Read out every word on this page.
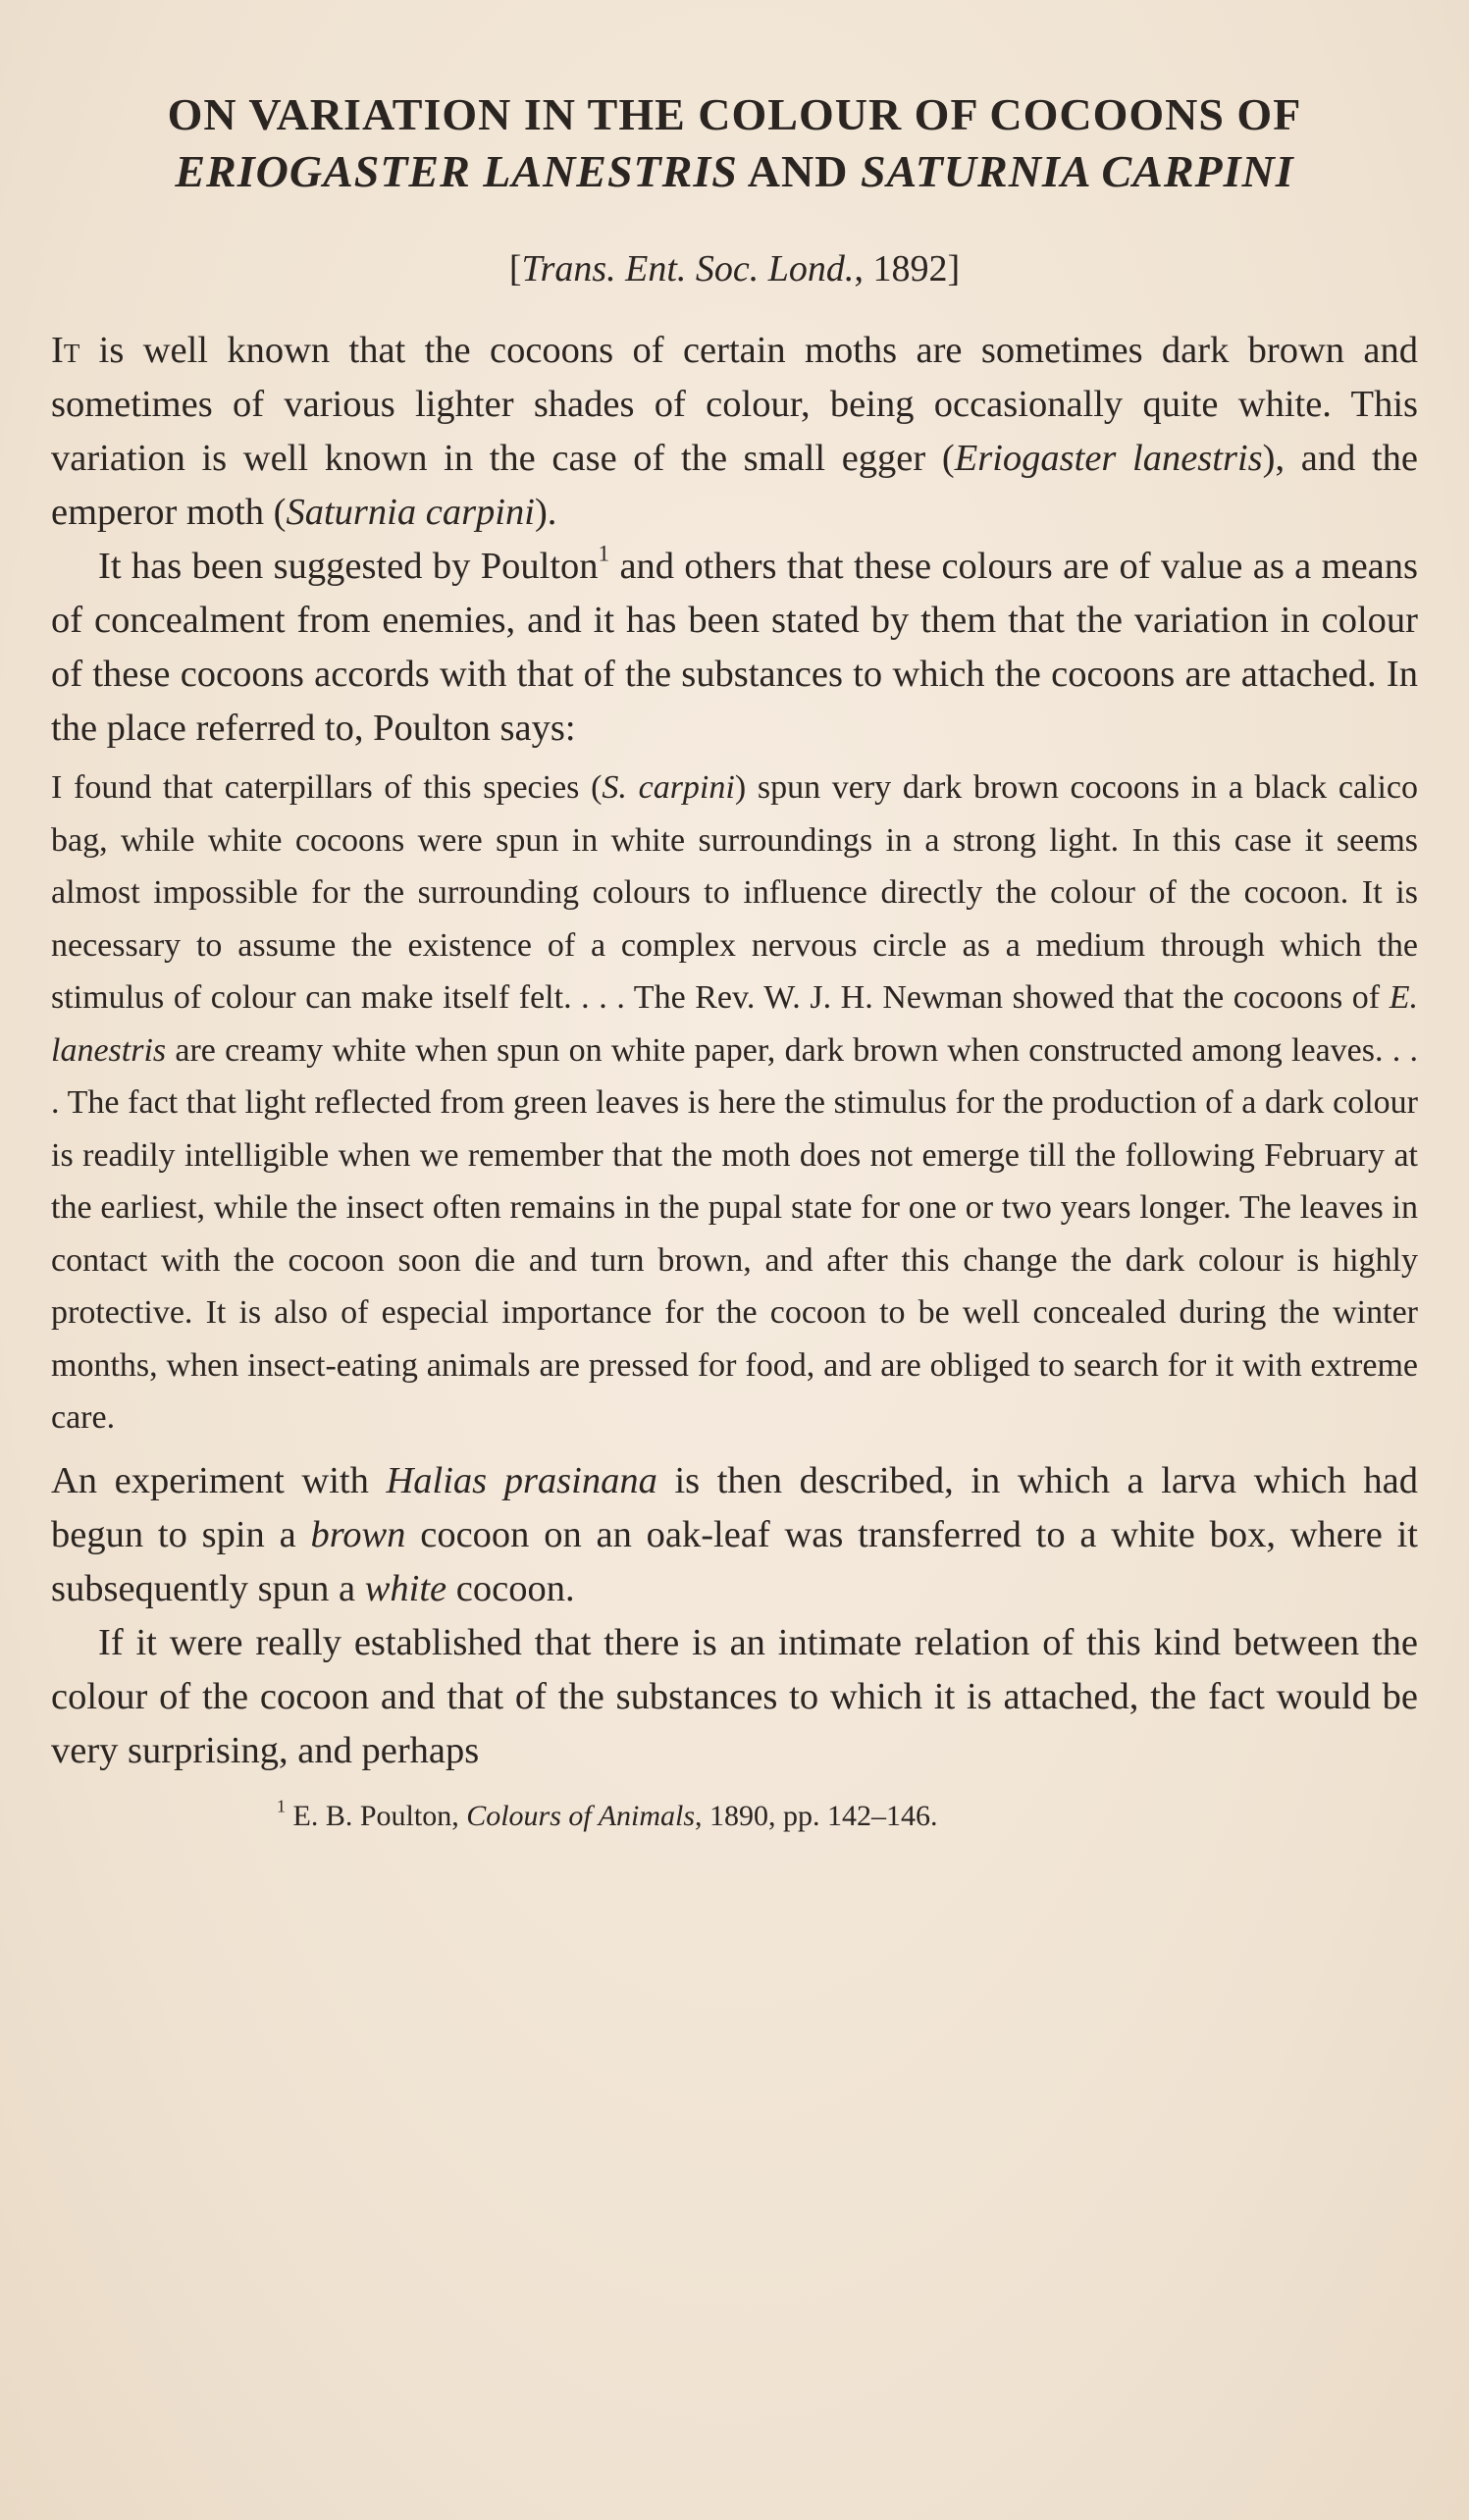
ON VARIATION IN THE COLOUR OF COCOONS OF
ERIOGASTER LANESTRIS AND SATURNIA CARPINI
[Trans. Ent. Soc. Lond., 1892]

It is well known that the cocoons of certain moths are sometimes dark brown and sometimes of various lighter shades of colour, being occasionally quite white. This variation is well known in the case of the small egger (Eriogaster lanestris), and the emperor moth (Saturnia carpini).

It has been suggested by Poulton$^1$ and others that these colours are of value as a means of concealment from enemies, and it has been stated by them that the variation in colour of these cocoons accords with that of the substances to which the cocoons are attached. In the place referred to, Poulton says:

I found that caterpillars of this species (S. carpini) spun very dark brown cocoons in a black calico bag, while white cocoons were spun in white surroundings in a strong light. In this case it seems almost impossible for the surrounding colours to influence directly the colour of the cocoon. It is necessary to assume the existence of a complex nervous circle as a medium through which the stimulus of colour can make itself felt. . . . The Rev. W. J. H. Newman showed that the cocoons of E. lanestris are creamy white when spun on white paper, dark brown when constructed among leaves. . . . The fact that light reflected from green leaves is here the stimulus for the production of a dark colour is readily intelligible when we remember that the moth does not emerge till the following February at the earliest, while the insect often remains in the pupal state for one or two years longer. The leaves in contact with the cocoon soon die and turn brown, and after this change the dark colour is highly protective. It is also of especial importance for the cocoon to be well concealed during the winter months, when insect-eating animals are pressed for food, and are obliged to search for it with extreme care.

An experiment with Halias prasinana is then described, in which a larva which had begun to spin a brown cocoon on an oak-leaf was transferred to a white box, where it subsequently spun a white cocoon.

If it were really established that there is an intimate relation of this kind between the colour of the cocoon and that of the substances to which it is attached, the fact would be very surprising, and perhaps

$^1$ E. B. Poulton, Colours of Animals, 1890, pp. 142–146.
